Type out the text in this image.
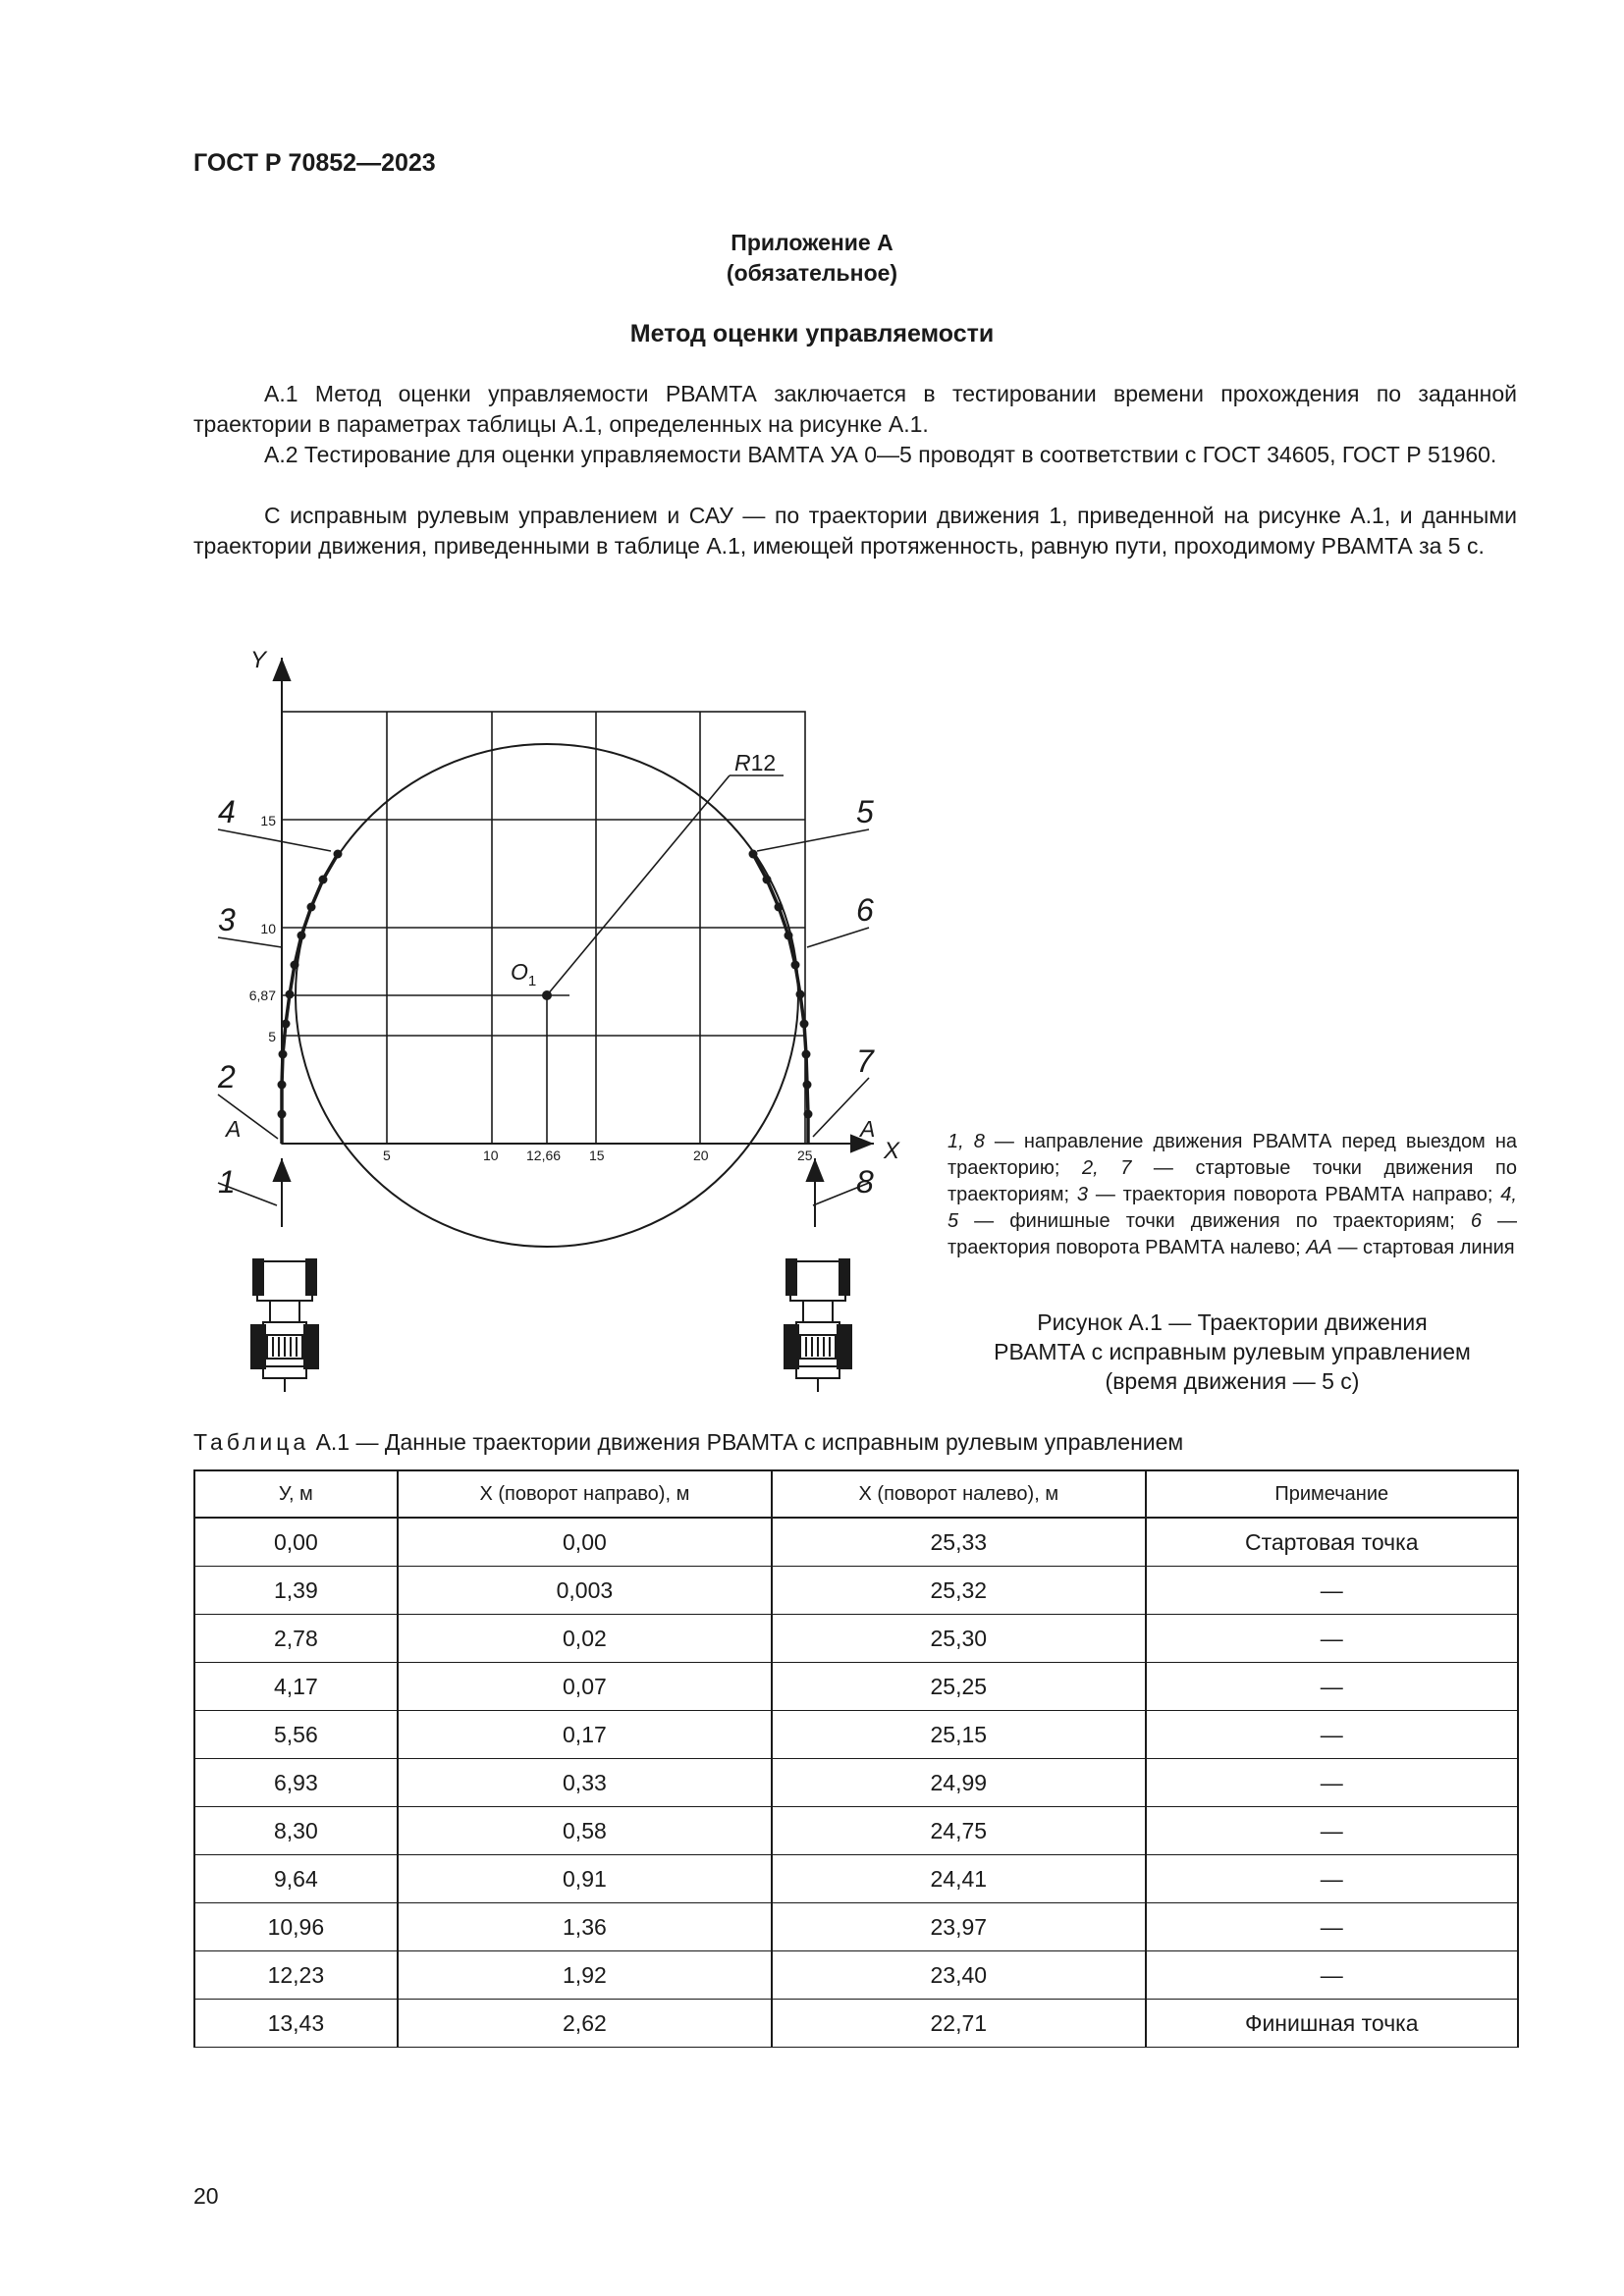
ГОСТ Р 70852—2023
Приложение А
(обязательное)
Метод оценки управляемости

А.1 Метод оценки управляемости РВАМТА заключается в тестировании времени прохождения по заданной траектории в параметрах таблицы А.1, определенных на рисунке А.1.

А.2 Тестирование для оценки управляемости ВАМТА УА 0—5 проводят в соответствии с ГОСТ 34605, ГОСТ Р 51960.

С исправным рулевым управлением и САУ — по траектории движения 1, приведенной на рисунке А.1, и данными траектории движения, приведенными в таблице А.1, имеющей протяженность, равную пути, проходимому РВАМТА за 5 с.

Y
X
R12
$O_1$
5	10 12,66 15	20	25
5
6,87
10
15
A	A
1
2
3
4	5
6
7
8
1, 8 — направление движения РВАМТА перед выездом на траекторию; 2, 7 — стартовые точки движения по траекториям; 3 — траектория поворота РВАМТА направо; 4, 5 — финишные точки движения по траекториям; 6 — траектория поворота РВАМТА налево; AA — стартовая линия
Рисунок А.1 — Траектории движения
РВАМТА с исправным рулевым управлением
(время движения — 5 с)
Таблица А.1 — Данные траектории движения РВАМТА с исправным рулевым управлением
У, м	X (поворот направо), м	X (поворот налево), м	Примечание
0,00	0,00	25,33	Стартовая точка
1,39	0,003	25,32	—
2,78	0,02	25,30	—
4,17	0,07	25,25	—
5,56	0,17	25,15	—
6,93	0,33	24,99	—
8,30	0,58	24,75	—
9,64	0,91	24,41	—
10,96	1,36	23,97	—
12,23	1,92	23,40	—
13,43	2,62	22,71	Финишная точка
20
